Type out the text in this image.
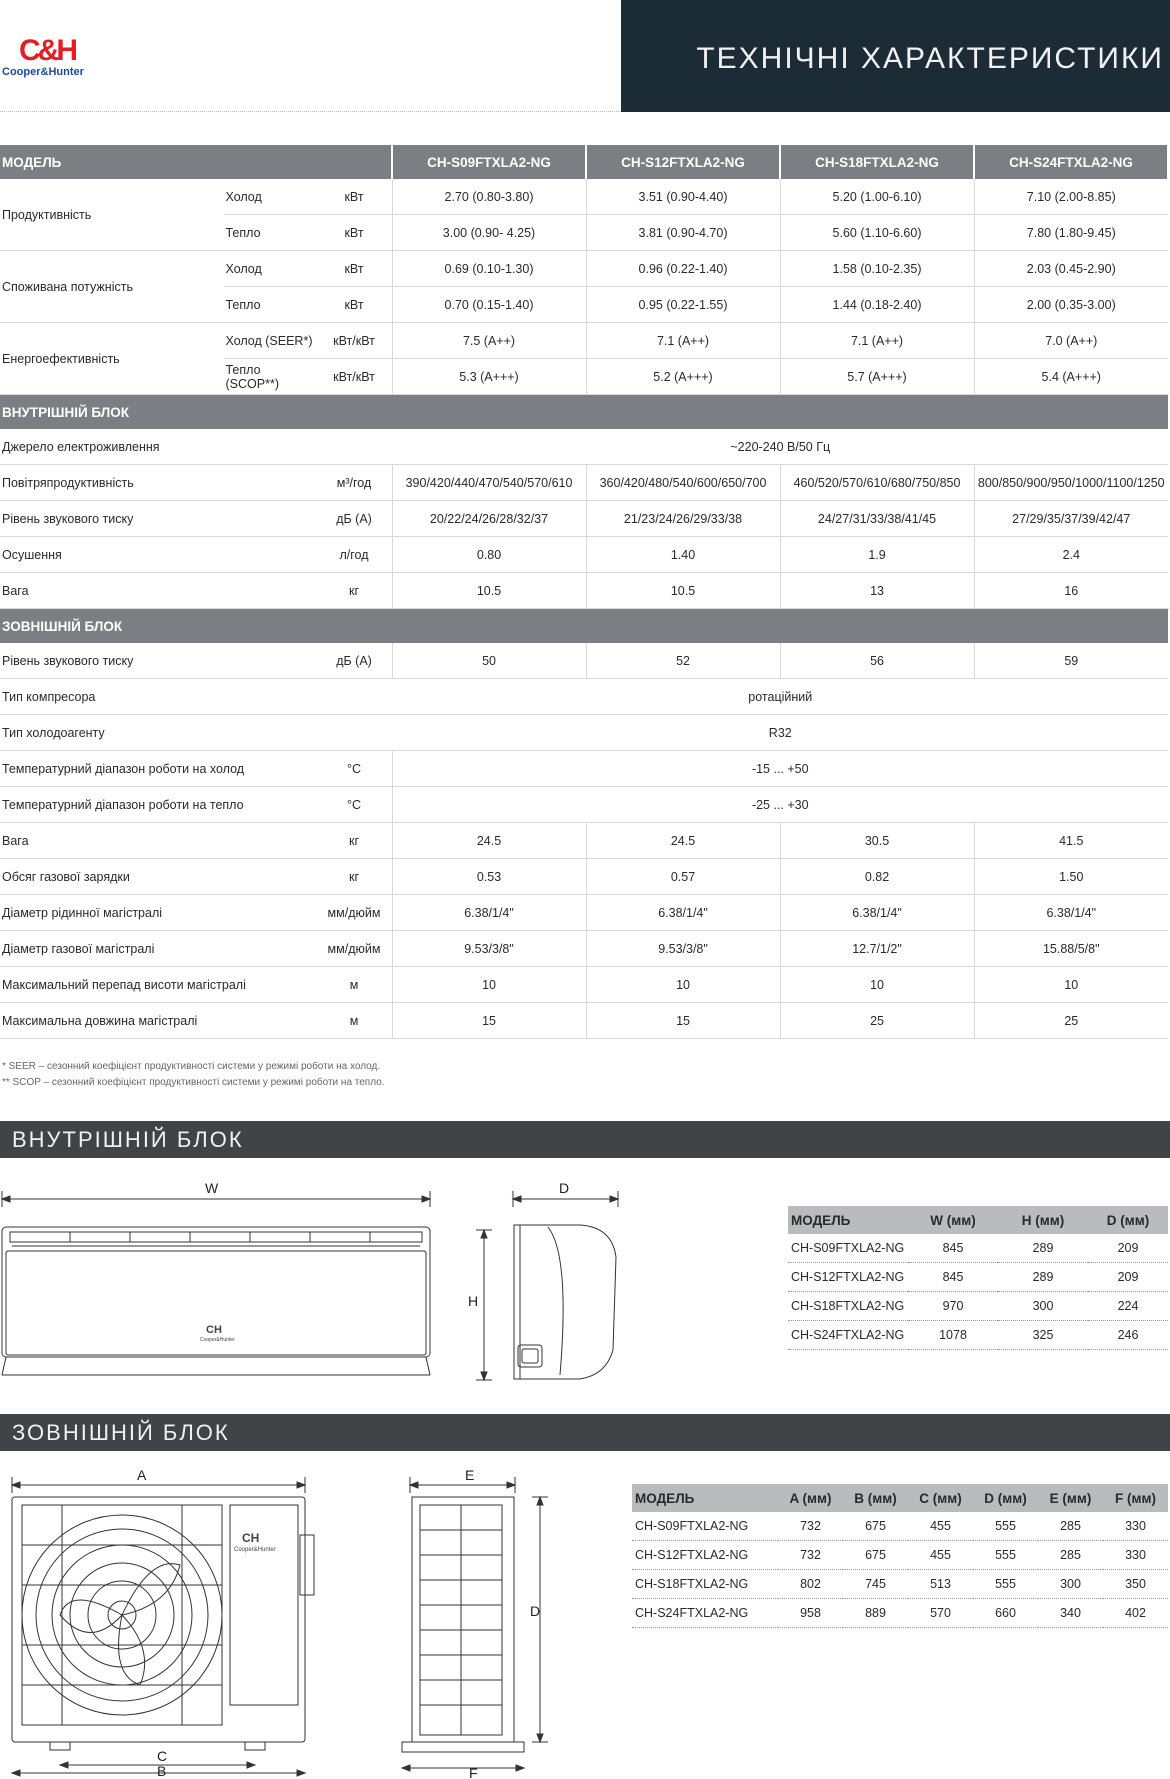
C&H
Cooper&Hunter	ТЕХНІЧНІ ХАРАКТЕРИСТИКИ
МОДЕЛЬ			CH-S09FTXLA2-NG	CH-S12FTXLA2-NG	CH-S18FTXLA2-NG	CH-S24FTXLA2-NG
Продуктивність	Холод	кВт	2.70 (0.80-3.80)	3.51 (0.90-4.40)	5.20 (1.00-6.10)	7.10 (2.00-8.85)
	Тепло	кВт	3.00 (0.90- 4.25)	3.81 (0.90-4.70)	5.60 (1.10-6.60)	7.80 (1.80-9.45)
Споживана потужність	Холод	кВт	0.69 (0.10-1.30)	0.96 (0.22-1.40)	1.58 (0.10-2.35)	2.03 (0.45-2.90)
	Тепло	кВт	0.70 (0.15-1.40)	0.95 (0.22-1.55)	1.44 (0.18-2.40)	2.00 (0.35-3.00)
Енергоефективність	Холод (SEER*)	кВт/кВт	7.5 (A++)	7.1 (A++)	7.1 (A++)	7.0 (A++)
	Тепло (SCOP**)	кВт/кВт	5.3 (A+++)	5.2 (A+++)	5.7 (A+++)	5.4 (A+++)
ВНУТРІШНІЙ БЛОК						
Джерело електроживлення			~220-240 В/50 Гц			
Повітряпродуктивність		м³/год	390/420/440/470/540/570/610	360/420/480/540/600/650/700	460/520/570/610/680/750/850	800/850/900/950/1000/1100/1250
Рівень звукового тиску		дБ (А)	20/22/24/26/28/32/37	21/23/24/26/29/33/38	24/27/31/33/38/41/45	27/29/35/37/39/42/47
Осушення		л/год	0.80	1.40	1.9	2.4
Вага		кг	10.5	10.5	13	16
ЗОВНІШНІЙ БЛОК						
Рівень звукового тиску		дБ (А)	50	52	56	59
Тип компресора			ротаційний			
Тип холодоагенту			R32			
Температурний діапазон роботи на холод		°С	-15 ... +50			
Температурний діапазон роботи на тепло		°С	-25 ... +30			
Вага		кг	24.5	24.5	30.5	41.5
Обсяг газової зарядки		кг	0.53	0.57	0.82	1.50
Діаметр рідинної магістралі		мм/дюйм	6.38/1/4"	6.38/1/4"	6.38/1/4"	6.38/1/4"
Діаметр газової магістралі		мм/дюйм	9.53/3/8"	9.53/3/8"	12.7/1/2"	15.88/5/8"
Максимальний перепад висоти магістралі		м	10	10	10	10
Максимальна довжина магістралі		м	15	15	25	25
* SEER – сезонний коефіцієнт продуктивності системи у режимі роботи на холод.
** SCOP – сезонний коефіцієнт продуктивності системи у режимі роботи на тепло.
ВНУТРІШНІЙ БЛОК
W
CH
Cooper&Hunter
D
H
МОДЕЛЬ	W (мм)	H (мм)	D (мм)
CH-S09FTXLA2-NG	845	289	209
CH-S12FTXLA2-NG	845	289	209
CH-S18FTXLA2-NG	970	300	224
CH-S24FTXLA2-NG	1078	325	246
ЗОВНІШНІЙ БЛОК
A
CH
Cooper&Hunter
C
B
E
D
F
МОДЕЛЬ	A (мм)	B (мм)	C (мм)	D (мм)	E (мм)	F (мм)
CH-S09FTXLA2-NG	732	675	455	555	285	330
CH-S12FTXLA2-NG	732	675	455	555	285	330
CH-S18FTXLA2-NG	802	745	513	555	300	350
CH-S24FTXLA2-NG	958	889	570	660	340	402
